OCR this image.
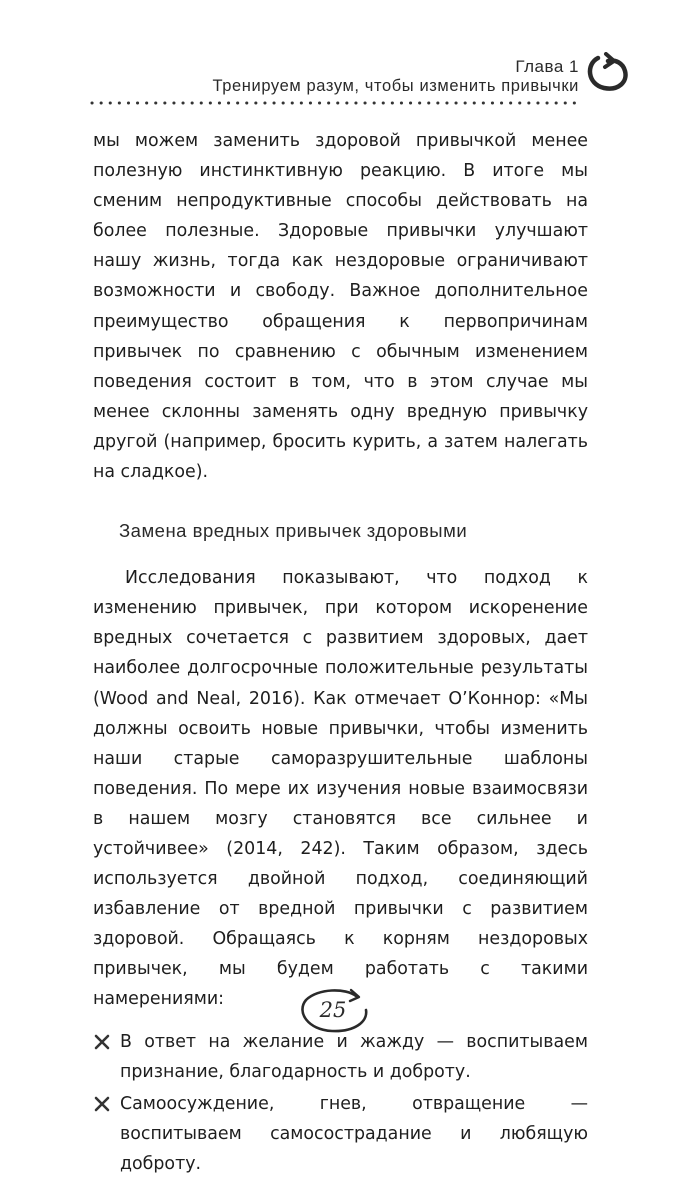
Глава 1
Тренируем разум, чтобы изменить привычки

мы можем заменить здоровой привычкой менее полезную инстинктивную реакцию. В итоге мы сменим непродуктивные способы действовать на более полезные. Здоровые привычки улучшают нашу жизнь, тогда как нездоровые ограничивают возможности и свободу. Важное дополнительное преимущество обращения к первопричинам привычек по сравнению с обычным изменением поведения состоит в том, что в этом случае мы менее склонны заменять одну вредную привычку другой (например, бросить курить, а затем налегать на сладкое).

Замена вредных привычек здоровыми

Исследования показывают, что подход к изменению привычек, при котором искоренение вредных сочетается с развитием здоровых, дает наиболее долгосрочные положительные результаты (Wood and Neal, 2016). Как отмечает О’Коннор: «Мы должны освоить новые привычки, чтобы изменить наши старые саморазрушительные шаблоны поведения. По мере их изучения новые взаимосвязи в нашем мозгу становятся все сильнее и устойчивее» (2014, 242). Таким образом, здесь используется двойной подход, соединяющий избавление от вредной привычки с развитием здоровой. Обращаясь к корням нездоровых привычек, мы будем работать с такими намерениями:

В ответ на желание и жажду — воспитываем признание, благодарность и доброту.
Самоосуждение, гнев, отвращение — воспитываем самосострадание и любящую доброту.
25
